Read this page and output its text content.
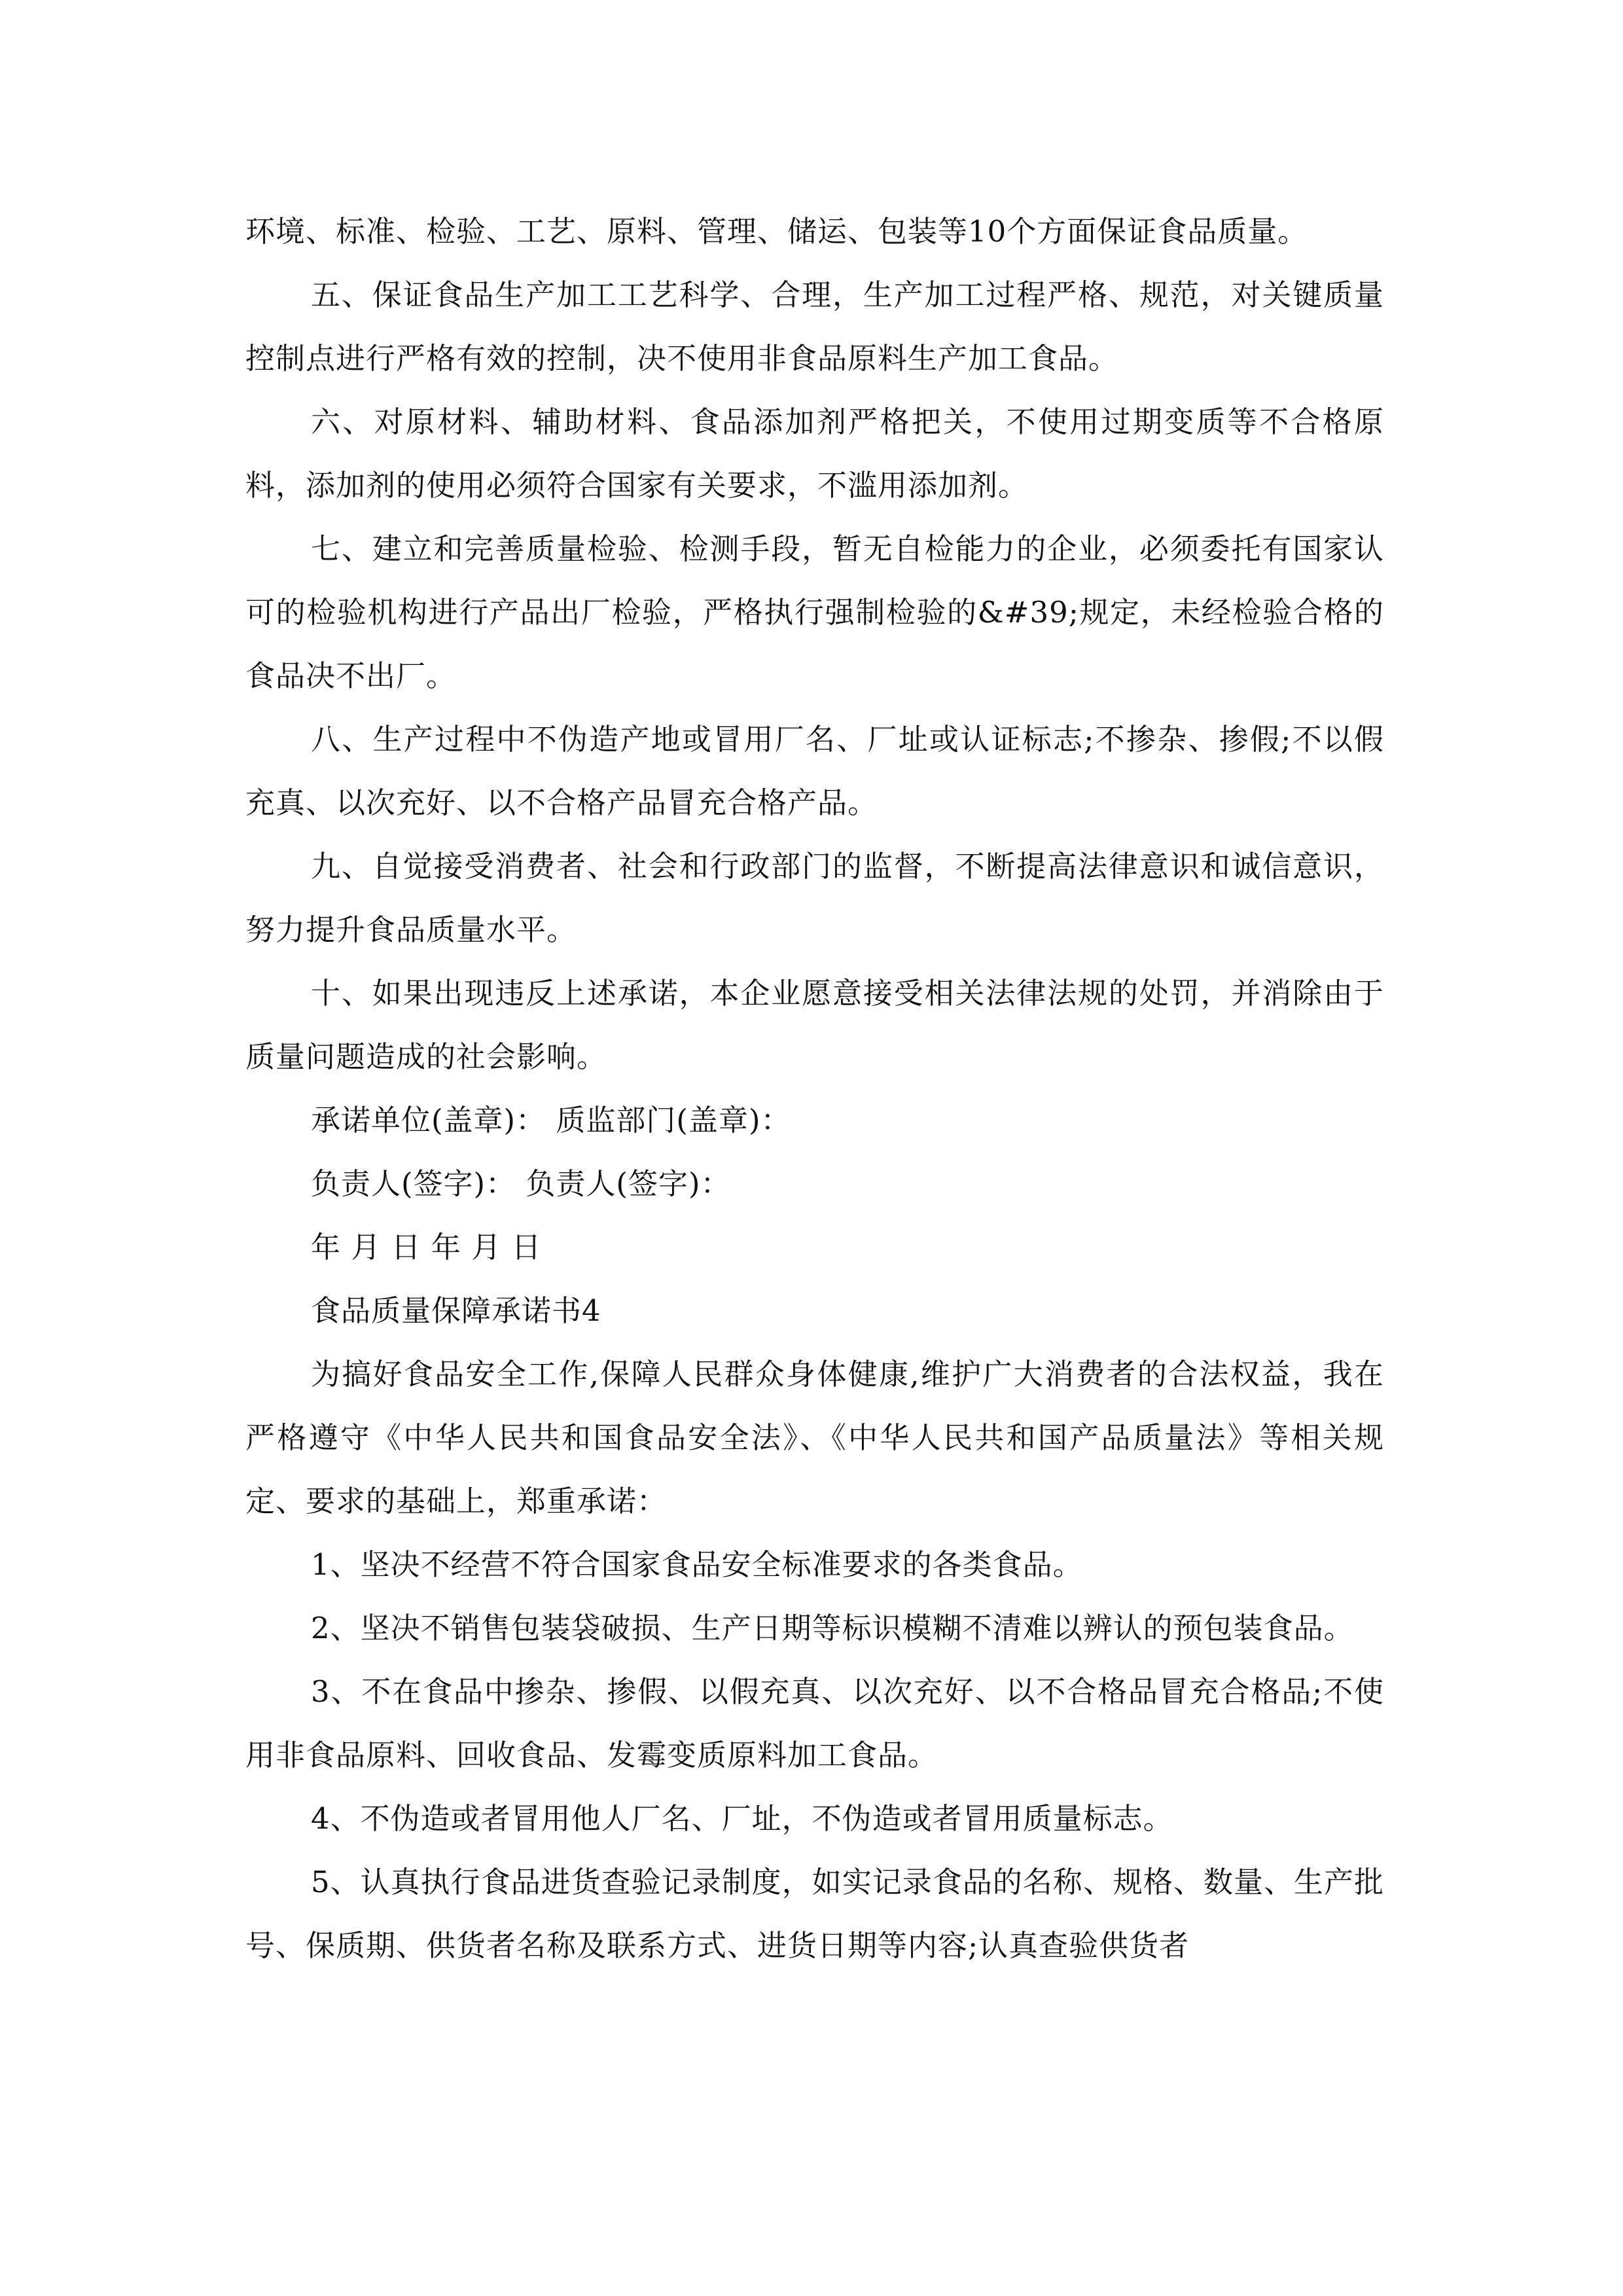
环境、标准、检验、工艺、原料、管理、储运、包装等10个方面保证食品质量。

五、保证食品生产加工工艺科学、合理，生产加工过程严格、规范，对关键质量控制点进行严格有效的控制，决不使用非食品原料生产加工食品。

六、对原材料、辅助材料、食品添加剂严格把关，不使用过期变质等不合格原料，添加剂的使用必须符合国家有关要求，不滥用添加剂。

七、建立和完善质量检验、检测手段，暂无自检能力的企业，必须委托有国家认可的检验机构进行产品出厂检验，严格执行强制检验的&#39;规定，未经检验合格的食品决不出厂。

八、生产过程中不伪造产地或冒用厂名、厂址或认证标志;不掺杂、掺假;不以假充真、以次充好、以不合格产品冒充合格产品。

九、自觉接受消费者、社会和行政部门的监督，不断提高法律意识和诚信意识，努力提升食品质量水平。

十、如果出现违反上述承诺，本企业愿意接受相关法律法规的处罚，并消除由于质量问题造成的社会影响。

承诺单位(盖章)： 质监部门(盖章)：

负责人(签字)： 负责人(签字)：

年 月 日 年 月 日

食品质量保障承诺书4

为搞好食品安全工作,保障人民群众身体健康,维护广大消费者的合法权益，我在严格遵守《中华人民共和国食品安全法》、《中华人民共和国产品质量法》等相关规定、要求的基础上，郑重承诺：

1、坚决不经营不符合国家食品安全标准要求的各类食品。

2、坚决不销售包装袋破损、生产日期等标识模糊不清难以辨认的预包装食品。

3、不在食品中掺杂、掺假、以假充真、以次充好、以不合格品冒充合格品;不使用非食品原料、回收食品、发霉变质原料加工食品。

4、不伪造或者冒用他人厂名、厂址，不伪造或者冒用质量标志。

5、认真执行食品进货查验记录制度，如实记录食品的名称、规格、数量、生产批号、保质期、供货者名称及联系方式、进货日期等内容;认真查验供货者
